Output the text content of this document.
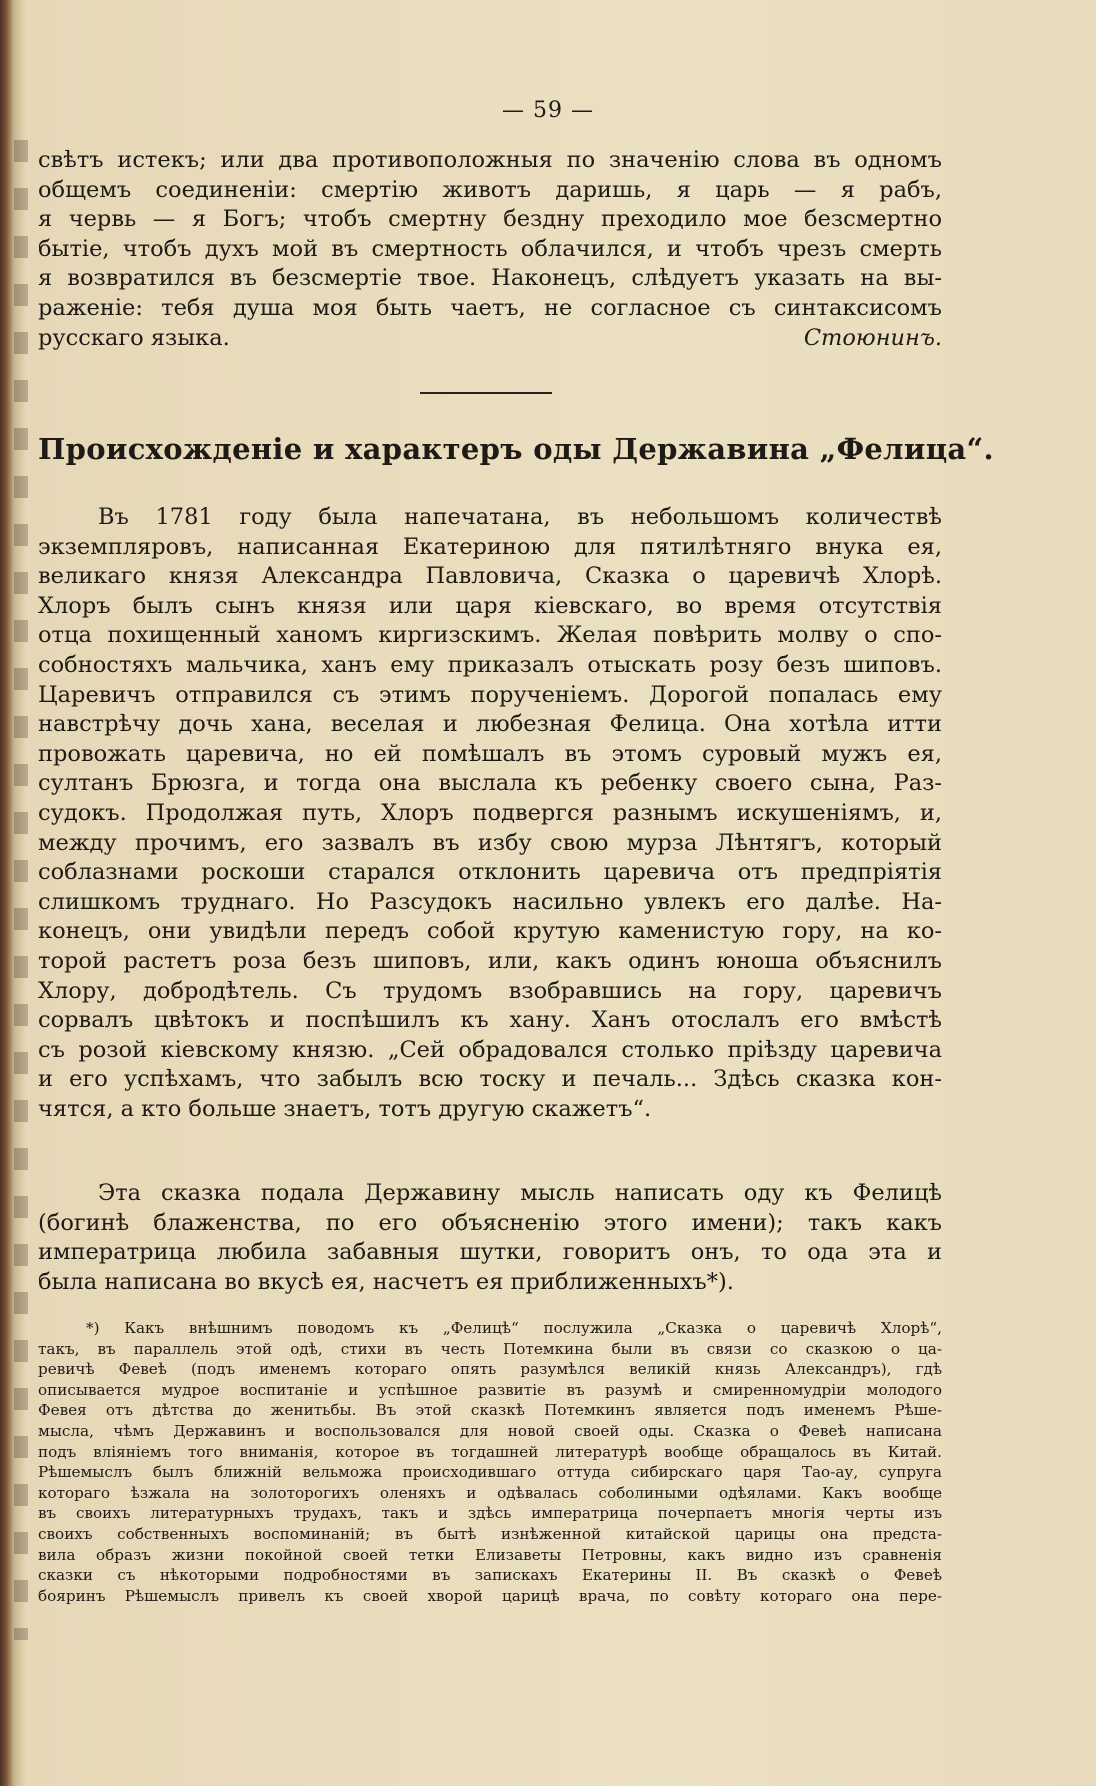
— 59 —
свѣтъ истекъ; или два противоположныя по значенію слова въ одномъ
общемъ соединеніи: смертію животъ даришь, я царь — я рабъ,
я червь — я Богъ; чтобъ смертну бездну преходило мое безсмертно
бытіе, чтобъ духъ мой въ смертность облачился, и чтобъ чрезъ смерть
я возвратился въ безсмертіе твое. Наконецъ, слѣдуетъ указать на вы-
раженіе: тебя душа моя быть чаетъ, не согласное съ синтаксисомъ
русскаго языка.	Стоюнинъ.
Происхожденіе и характеръ оды Державина „Фелица“.
Въ 1781 году была напечатана, въ небольшомъ количествѣ
экземпляровъ, написанная Екатериною для пятилѣтняго внука ея,
великаго князя Александра Павловича, Сказка о царевичѣ Хлорѣ.
Хлоръ былъ сынъ князя или царя кіевскаго, во время отсутствія
отца похищенный ханомъ киргизскимъ. Желая повѣрить молву о спо-
собностяхъ мальчика, ханъ ему приказалъ отыскать розу безъ шиповъ.
Царевичъ отправился съ этимъ порученіемъ. Дорогой попалась ему
навстрѣчу дочь хана, веселая и любезная Фелица. Она хотѣла итти
провожать царевича, но ей помѣшалъ въ этомъ суровый мужъ ея,
султанъ Брюзга, и тогда она выслала къ ребенку своего сына, Раз-
судокъ. Продолжая путь, Хлоръ подвергся разнымъ искушеніямъ, и,
между прочимъ, его зазвалъ въ избу свою мурза Лѣнтягъ, который
соблазнами роскоши старался отклонить царевича отъ предпріятія
слишкомъ труднаго. Но Разсудокъ насильно увлекъ его далѣе. На-
конецъ, они увидѣли передъ собой крутую каменистую гору, на ко-
торой растетъ роза безъ шиповъ, или, какъ одинъ юноша объяснилъ
Хлору, добродѣтель. Съ трудомъ взобравшись на гору, царевичъ
сорвалъ цвѣтокъ и поспѣшилъ къ хану. Ханъ отослалъ его вмѣстѣ
съ розой кіевскому князю. „Сей обрадовался столько пріѣзду царевича
и его успѣхамъ, что забылъ всю тоску и печаль... Здѣсь сказка кон-
чятся, а кто больше знаетъ, тотъ другую скажетъ“.
Эта сказка подала Державину мысль написать оду къ Фелицѣ
(богинѣ блаженства, по его объясненію этого имени); такъ какъ
императрица любила забавныя шутки, говоритъ онъ, то ода эта и
была написана во вкусѣ ея, насчетъ ея приближенныхъ*).
*) Какъ внѣшнимъ поводомъ къ „Фелицѣ“ послужила „Сказка о царевичѣ Хлорѣ“,
такъ, въ параллель этой одѣ, стихи въ честь Потемкина были въ связи со сказкою о ца-
ревичѣ Февеѣ (подъ именемъ котораго опять разумѣлся великій князь Александръ), гдѣ
описывается мудрое воспитаніе и успѣшное развитіе въ разумѣ и смиренномудріи молодого
Февея отъ дѣтства до женитьбы. Въ этой сказкѣ Потемкинъ является подъ именемъ Рѣше-
мысла, чѣмъ Державинъ и воспользовался для новой своей оды. Сказка о Февеѣ написана
подъ вліяніемъ того вниманія, которое въ тогдашней литературѣ вообще обращалось въ Китай.
Рѣшемыслъ былъ ближній вельможа происходившаго оттуда сибирскаго царя Тао-ау, супруга
котораго ѣзжала на золоторогихъ оленяхъ и одѣвалась соболиными одѣялами. Какъ вообще
въ своихъ литературныхъ трудахъ, такъ и здѣсь императрица почерпаетъ многія черты изъ
своихъ собственныхъ воспоминаній; въ бытѣ изнѣженной китайской царицы она предста-
вила образъ жизни покойной своей тетки Елизаветы Петровны, какъ видно изъ сравненія
сказки съ нѣкоторыми подробностями въ запискахъ Екатерины II. Въ сказкѣ о Февеѣ
бояринъ Рѣшемыслъ привелъ къ своей хворой царицѣ врача, по совѣту котораго она пере-
